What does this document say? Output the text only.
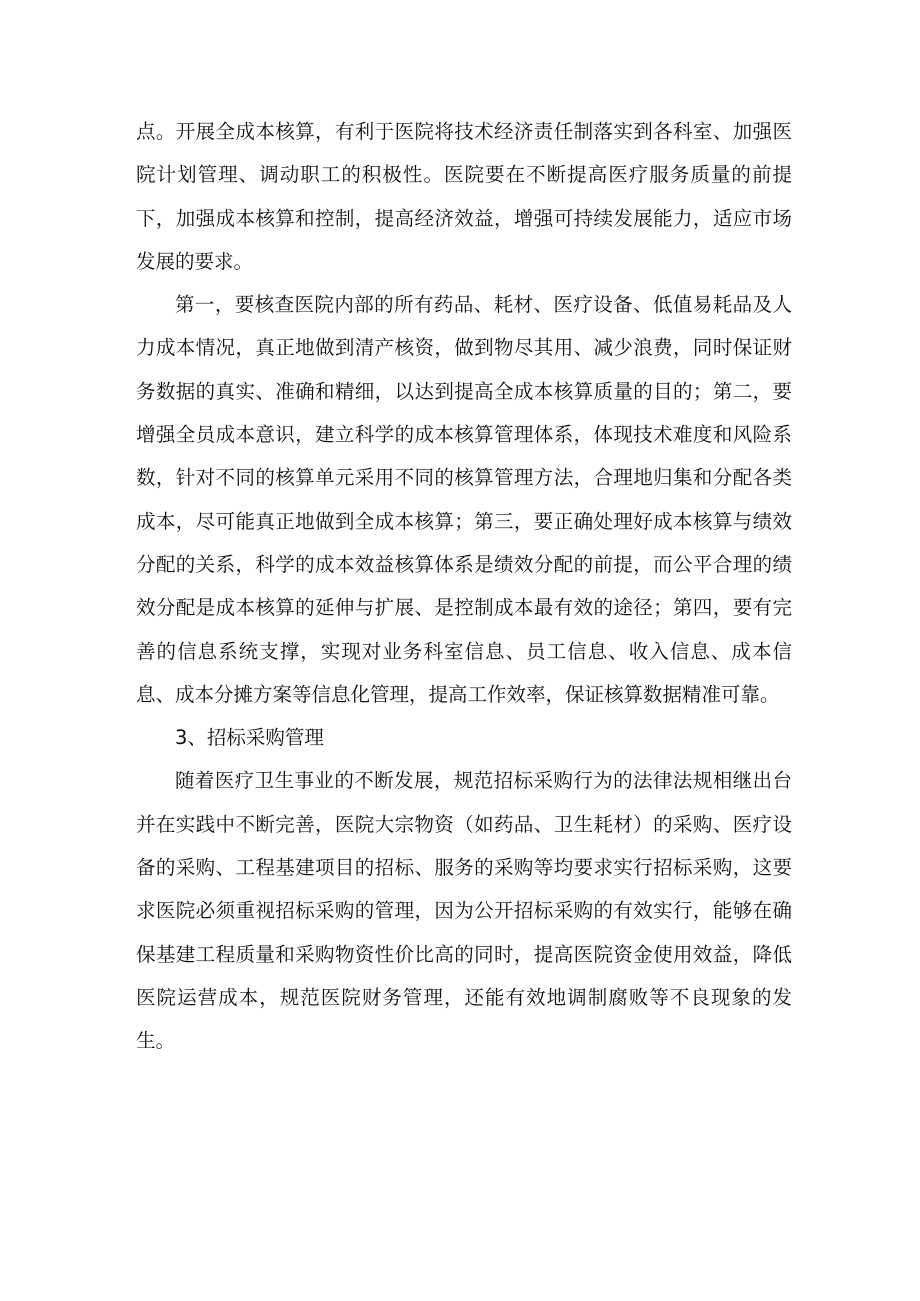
点。开展全成本核算，有利于医院将技术经济责任制落实到各科室、加强医院计划管理、调动职工的积极性。医院要在不断提高医疗服务质量的前提下，加强成本核算和控制，提高经济效益，增强可持续发展能力，适应市场发展的要求。

第一，要核查医院内部的所有药品、耗材、医疗设备、低值易耗品及人力成本情况，真正地做到清产核资，做到物尽其用、减少浪费，同时保证财务数据的真实、准确和精细，以达到提高全成本核算质量的目的；第二，要增强全员成本意识，建立科学的成本核算管理体系，体现技术难度和风险系数，针对不同的核算单元采用不同的核算管理方法，合理地归集和分配各类成本，尽可能真正地做到全成本核算；第三，要正确处理好成本核算与绩效分配的关系，科学的成本效益核算体系是绩效分配的前提，而公平合理的绩效分配是成本核算的延伸与扩展、是控制成本最有效的途径；第四，要有完善的信息系统支撑，实现对业务科室信息、员工信息、收入信息、成本信息、成本分摊方案等信息化管理，提高工作效率，保证核算数据精准可靠。

3、招标采购管理

随着医疗卫生事业的不断发展，规范招标采购行为的法律法规相继出台并在实践中不断完善，医院大宗物资（如药品、卫生耗材）的采购、医疗设备的采购、工程基建项目的招标、服务的采购等均要求实行招标采购，这要求医院必须重视招标采购的管理，因为公开招标采购的有效实行，能够在确保基建工程质量和采购物资性价比高的同时，提高医院资金使用效益，降低医院运营成本，规范医院财务管理，还能有效地调制腐败等不良现象的发生。
